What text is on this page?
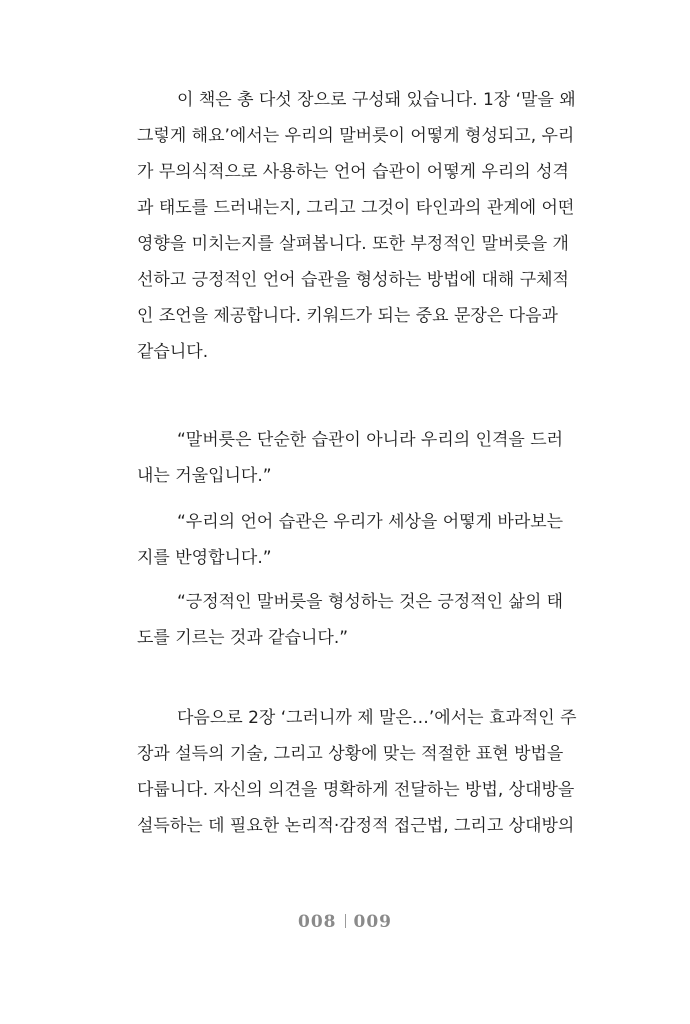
이 책은 총 다섯 장으로 구성돼 있습니다. 1장 ‘말을 왜
그렇게 해요’에서는 우리의 말버릇이 어떻게 형성되고, 우리
가 무의식적으로 사용하는 언어 습관이 어떻게 우리의 성격
과 태도를 드러내는지, 그리고 그것이 타인과의 관계에 어떤
영향을 미치는지를 살펴봅니다. 또한 부정적인 말버릇을 개
선하고 긍정적인 언어 습관을 형성하는 방법에 대해 구체적
인 조언을 제공합니다. 키워드가 되는 중요 문장은 다음과
같습니다.
“말버릇은 단순한 습관이 아니라 우리의 인격을 드러
내는 거울입니다.”
“우리의 언어 습관은 우리가 세상을 어떻게 바라보는
지를 반영합니다.”
“긍정적인 말버릇을 형성하는 것은 긍정적인 삶의 태
도를 기르는 것과 같습니다.”
다음으로 2장 ‘그러니까 제 말은…’에서는 효과적인 주
장과 설득의 기술, 그리고 상황에 맞는 적절한 표현 방법을
다룹니다. 자신의 의견을 명확하게 전달하는 방법, 상대방을
설득하는 데 필요한 논리적·감정적 접근법, 그리고 상대방의
008 009
